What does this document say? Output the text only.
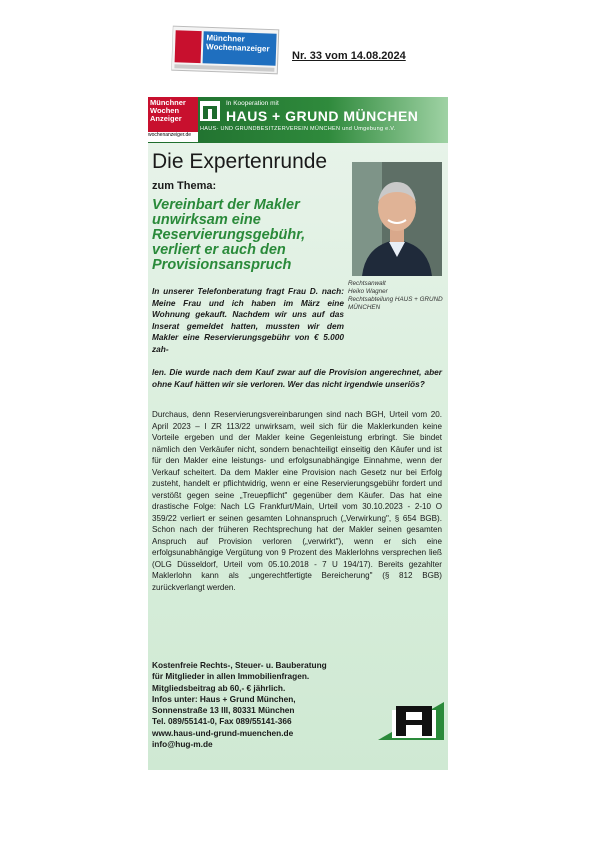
Münchner
Wochenanzeiger
Nr. 33 vom 14.08.2024
Münchner Wochen Anzeiger
wochenanzeiger.de
In Kooperation mit
HAUS + GRUND MÜNCHEN
HAUS- UND GRUNDBESITZERVEREIN MÜNCHEN und Umgebung e.V.
Die Expertenrunde
zum Thema:
Vereinbart der Makler unwirksam eine Reservierungsgebühr, verliert er auch den Provisionsanspruch
Rechtsanwalt
Heiko Wagner
Rechtsabteilung HAUS + GRUND MÜNCHEN
In unserer Telefonberatung fragt Frau D. nach: Meine Frau und ich haben im März eine Wohnung gekauft. Nachdem wir uns auf das Inserat gemeldet hatten, mussten wir dem Makler eine Reservierungsgebühr von € 5.000 zah-
len. Die wurde nach dem Kauf zwar auf die Provision angerechnet, aber ohne Kauf hätten wir sie verloren. Wer das nicht irgendwie unseriös?
Durchaus, denn Reservierungsvereinbarungen sind nach BGH, Urteil vom 20. April 2023 – I ZR 113/22 unwirksam, weil sich für die Maklerkunden keine Vorteile ergeben und der Makler keine Gegenleistung erbringt. Sie bindet nämlich den Verkäufer nicht, sondern benachteiligt einseitig den Käufer und ist für den Makler eine leistungs- und erfolgsunabhängige Einnahme, wenn der Verkauf scheitert. Da dem Makler eine Provision nach Gesetz nur bei Erfolg zusteht, handelt er pflichtwidrig, wenn er eine Reservierungsgebühr fordert und verstößt gegen seine „Treuepflicht" gegenüber dem Käufer. Das hat eine drastische Folge: Nach LG Frankfurt/Main, Urteil vom 30.10.2023 - 2-10 O 359/22 verliert er seinen gesamten Lohnanspruch („Verwirkung", § 654 BGB). Schon nach der früheren Rechtsprechung hat der Makler seinen gesamten Anspruch auf Provision verloren („verwirkt"), wenn er sich eine erfolgsunabhängige Vergütung von 9 Prozent des Maklerlohns versprechen ließ (OLG Düsseldorf, Urteil vom 05.10.2018 - 7 U 194/17). Bereits gezahlter Maklerlohn kann als „ungerechtfertigte Bereicherung" (§ 812 BGB) zurückverlangt werden.
Kostenfreie Rechts-, Steuer- u. Bauberatung
für Mitglieder in allen Immobilienfragen.
Mitgliedsbeitrag ab 60,- € jährlich.
Infos unter: Haus + Grund München,
Sonnenstraße 13 III, 80331 München
Tel. 089/55141-0, Fax 089/55141-366
www.haus-und-grund-muenchen.de
info@hug-m.de
